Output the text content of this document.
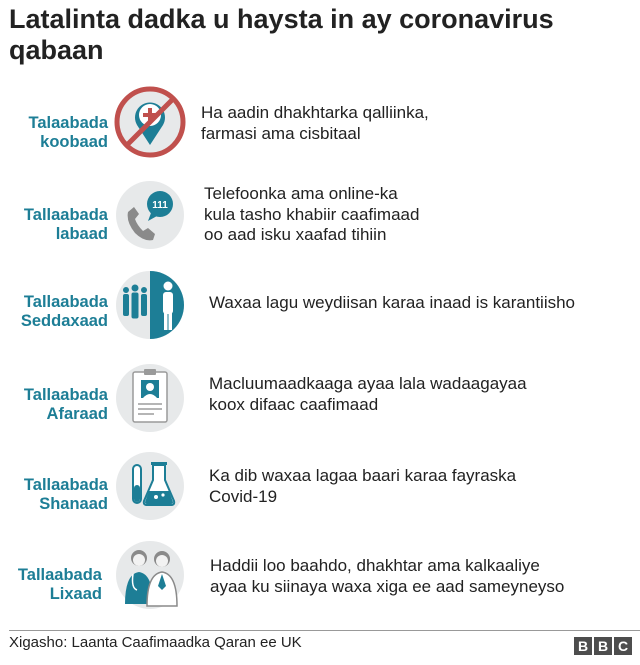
Latalinta dadka u haysta in ay coronavirus qabaan
Talaabada
koobaad
Ha aadin dhakhtarka qalliinka,
farmasi ama cisbitaal
Tallaabada
labaad
111
Telefoonka ama online-ka
kula tasho khabiir caafimaad
oo aad isku xaafad tihiin
Tallaabada
Seddaxaad
Waxaa lagu weydiisan karaa inaad is karantiisho
Tallaabada
Afaraad
Macluumaadkaaga ayaa lala wadaagayaa
koox difaac caafimaad
Tallaabada
Shanaad
Ka dib waxaa lagaa baari karaa fayraska
Covid-19
Tallaabada
Lixaad
Haddii loo baahdo, dhakhtar ama kalkaaliye
ayaa ku siinaya waxa xiga ee aad sameyneyso
Xigasho: Laanta Caafimaadka Qaran ee UK	B B C
